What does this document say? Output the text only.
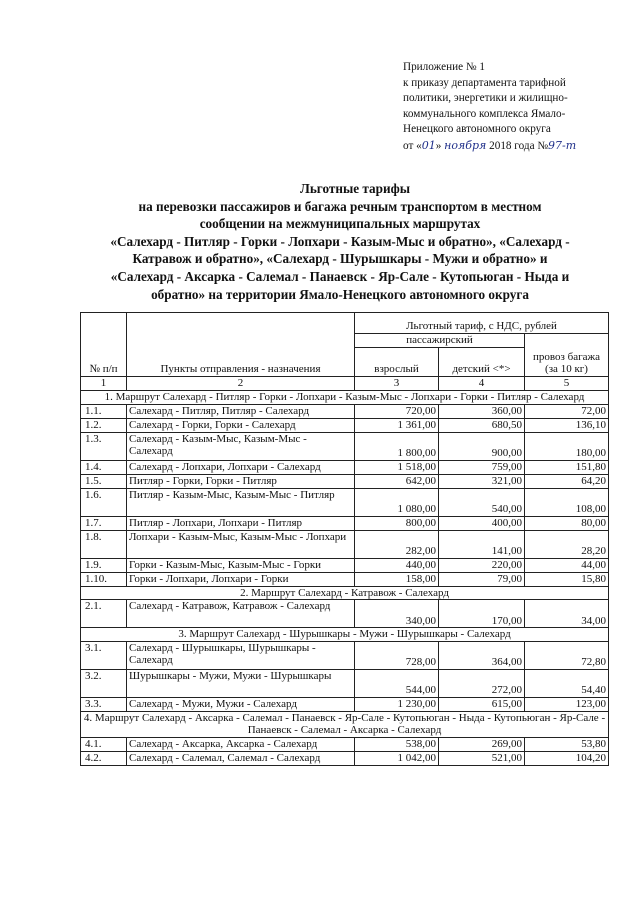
Приложение № 1
к приказу департамента тарифной
политики, энергетики и жилищно-
коммунального комплекса Ямало-
Ненецкого автономного округа
от «01» ноября 2018 года №97-т
Льготные тарифы
на перевозки пассажиров и багажа речным транспортом в местном
сообщении на межмуниципальных маршрутах
«Салехард - Питляр - Горки - Лопхари - Казым-Мыс и обратно», «Салехард -
Катравож и обратно», «Салехард - Шурышкары - Мужи и обратно» и
«Салехард - Аксарка - Салемал - Панаевск - Яр-Сале - Кутопьюган - Ныда и
обратно» на территории Ямало-Ненецкого автономного округа
№ п/п	Пункты отправления - назначения	Льготный тариф, с НДС, рублей		
		пассажирский		провоз багажа (за 10 кг)
		взрослый	детский <*>	
1	2	3	4	5
1. Маршрут Салехард - Питляр - Горки - Лопхари - Казым-Мыс - Лопхари - Горки - Питляр - Салехард				
1.1.	Салехард - Питляр, Питляр - Салехард	720,00	360,00	72,00
1.2.	Салехард - Горки, Горки - Салехард	1 361,00	680,50	136,10
1.3.	Салехард - Казым-Мыс, Казым-Мыс - Салехард	1 800,00	900,00	180,00
1.4.	Салехард - Лопхари, Лопхари - Салехард	1 518,00	759,00	151,80
1.5.	Питляр - Горки, Горки - Питляр	642,00	321,00	64,20
1.6.	Питляр - Казым-Мыс, Казым-Мыс - Питляр	1 080,00	540,00	108,00
1.7.	Питляр - Лопхари, Лопхари - Питляр	800,00	400,00	80,00
1.8.	Лопхари - Казым-Мыс, Казым-Мыс - Лопхари	282,00	141,00	28,20
1.9.	Горки - Казым-Мыс, Казым-Мыс - Горки	440,00	220,00	44,00
1.10.	Горки - Лопхари, Лопхари - Горки	158,00	79,00	15,80
2. Маршрут Салехард - Катравож - Салехард				
2.1.	Салехард - Катравож, Катравож - Салехард	340,00	170,00	34,00
3. Маршрут Салехард - Шурышкары - Мужи - Шурышкары - Салехард				
3.1.	Салехард - Шурышкары, Шурышкары - Салехард	728,00	364,00	72,80
3.2.	Шурышкары - Мужи, Мужи - Шурышкары	544,00	272,00	54,40
3.3.	Салехард - Мужи, Мужи - Салехард	1 230,00	615,00	123,00
4. Маршрут Салехард - Аксарка - Салемал - Панаевск - Яр-Сале - Кутопьюган - Ныда - Кутопьюган - Яр-Сале - Панаевск - Салемал - Аксарка - Салехард				
4.1.	Салехард - Аксарка, Аксарка - Салехард	538,00	269,00	53,80
4.2.	Салехард - Салемал, Салемал - Салехард	1 042,00	521,00	104,20
